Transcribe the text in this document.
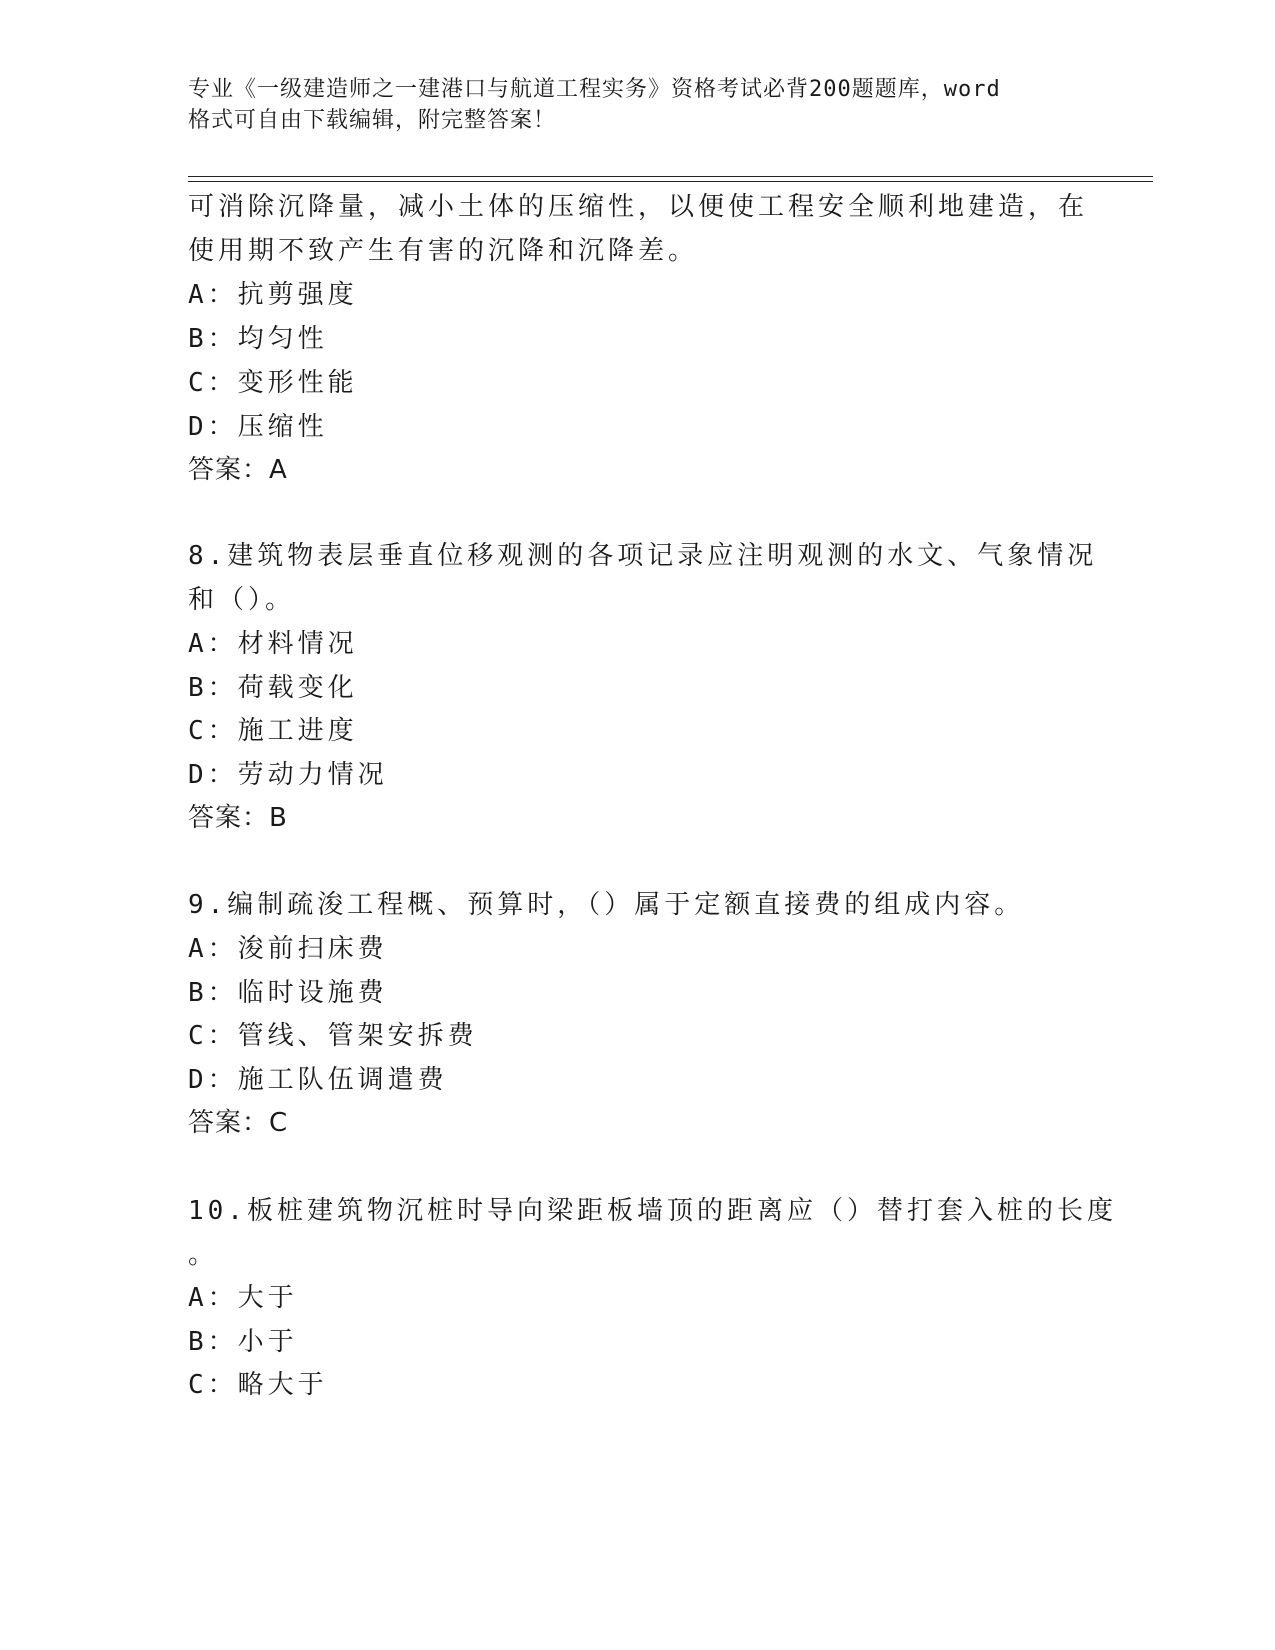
专业《一级建造师之一建港口与航道工程实务》资格考试必背200题题库，word
格式可自由下载编辑，附完整答案！
可消除沉降量，减小土体的压缩性，以便使工程安全顺利地建造，在
使用期不致产生有害的沉降和沉降差。
A：抗剪强度
B：均匀性
C：变形性能
D：压缩性
答案：A
8.建筑物表层垂直位移观测的各项记录应注明观测的水文、气象情况
和（）。
A：材料情况
B：荷载变化
C：施工进度
D：劳动力情况
答案：B
9.编制疏浚工程概、预算时，（）属于定额直接费的组成内容。
A：浚前扫床费
B：临时设施费
C：管线、管架安拆费
D：施工队伍调遣费
答案：C
10.板桩建筑物沉桩时导向梁距板墙顶的距离应（）替打套入桩的长度
。
A：大于
B：小于
C：略大于
